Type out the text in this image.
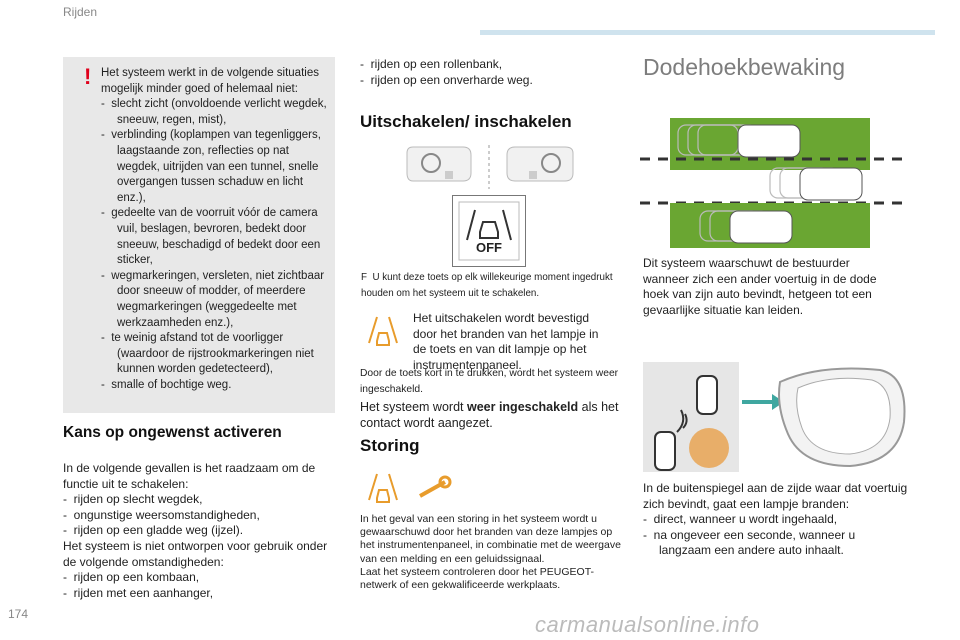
Rijden
! Het systeem werkt in de volgende situaties mogelijk minder goed of helemaal niet:
-  slecht zicht (onvoldoende verlicht wegdek, sneeuw, regen, mist),
-  verblinding (koplampen van tegenliggers, laagstaande zon, reflecties op nat wegdek, uitrijden van een tunnel, snelle overgangen tussen schaduw en licht enz.),
-  gedeelte van de voorruit vóór de camera vuil, beslagen, bevroren, bedekt door sneeuw, beschadigd of bedekt door een sticker,
-  wegmarkeringen, versleten, niet zichtbaar door sneeuw of modder, of meerdere wegmarkeringen (weggedeelte met werkzaamheden enz.),
-  te weinig afstand tot de voorligger (waardoor de rijstrookmarkeringen niet kunnen worden gedetecteerd),
-  smalle of bochtige weg.
Kans op ongewenst activeren
In de volgende gevallen is het raadzaam om de functie uit te schakelen:
-  rijden op slecht wegdek,
-  ongunstige weersomstandigheden,
-  rijden op een gladde weg (ijzel).
Het systeem is niet ontworpen voor gebruik onder de volgende omstandigheden:
-  rijden op een kombaan,
-  rijden met een aanhanger,
-  rijden op een rollenbank,
-  rijden op een onverharde weg.
Uitschakelen/ inschakelen
OFF
F U kunt deze toets op elk willekeurige moment ingedrukt houden om het systeem uit te schakelen.
Het uitschakelen wordt bevestigd door het branden van het lampje in de toets en van dit lampje op het instrumentenpaneel.
Door de toets kort in te drukken, wordt het systeem weer ingeschakeld.
Het systeem wordt weer ingeschakeld als het contact wordt aangezet.
Storing
In het geval van een storing in het systeem wordt u gewaarschuwd door het branden van deze lampjes op het instrumentenpaneel, in combinatie met de weergave van een melding en een geluidssignaal.
Laat het systeem controleren door het PEUGEOT-netwerk of een gekwalificeerde werkplaats.
Dodehoekbewaking
Dit systeem waarschuwt de bestuurder wanneer zich een ander voertuig in de dode hoek van zijn auto bevindt, hetgeen tot een gevaarlijke situatie kan leiden.
In de buitenspiegel aan de zijde waar dat voertuig zich bevindt, gaat een lampje branden:
-  direct, wanneer u wordt ingehaald,
-  na ongeveer een seconde, wanneer u langzaam een andere auto inhaalt.
174	carmanualsonline.info
